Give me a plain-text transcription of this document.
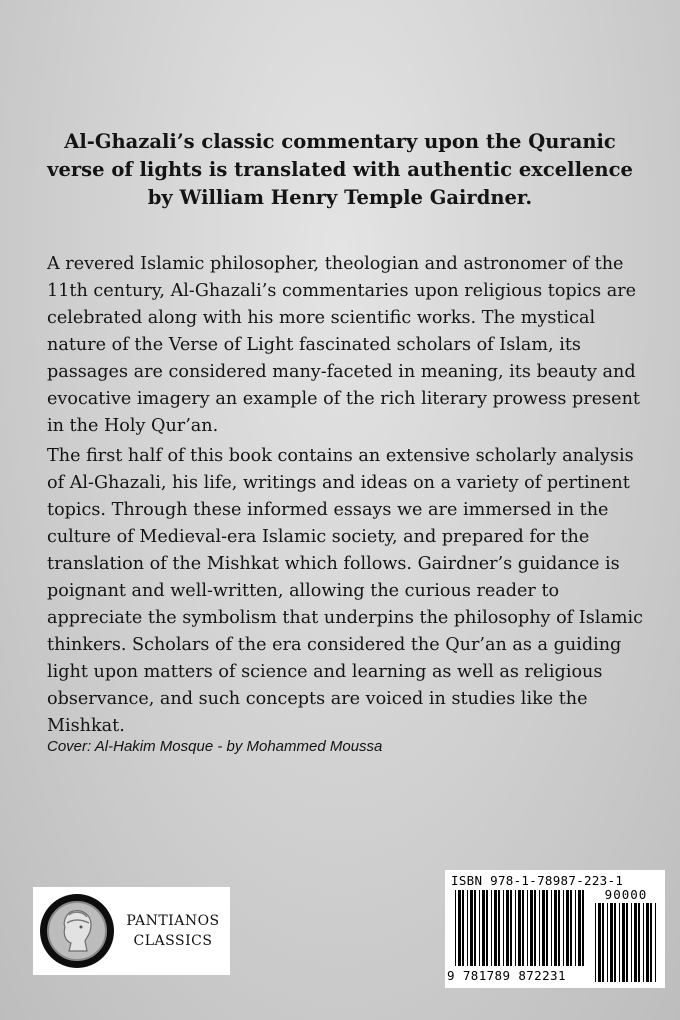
Al-Ghazali’s classic commentary upon the Quranic verse of lights is translated with authentic excellence by William Henry Temple Gairdner.

A revered Islamic philosopher, theologian and astronomer of the 11th century, Al-Ghazali’s commentaries upon religious topics are celebrated along with his more scientific works. The mystical nature of the Verse of Light fascinated scholars of Islam, its passages are considered many-faceted in meaning, its beauty and evocative imagery an example of the rich literary prowess present in the Holy Qur’an.

The first half of this book contains an extensive scholarly analysis of Al-Ghazali, his life, writings and ideas on a variety of pertinent topics. Through these informed essays we are immersed in the culture of Medieval-era Islamic society, and prepared for the translation of the Mishkat which follows. Gairdner’s guidance is poignant and well-written, allowing the curious reader to appreciate the symbolism that underpins the philosophy of Islamic thinkers. Scholars of the era considered the Qur’an as a guiding light upon matters of science and learning as well as religious observance, and such concepts are voiced in studies like the Mishkat.

Cover: Al-Hakim Mosque - by Mohammed Moussa

PANTIANOS
CLASSICS
ISBN 978-1-78987-223-1
90000
9 781789 872231
